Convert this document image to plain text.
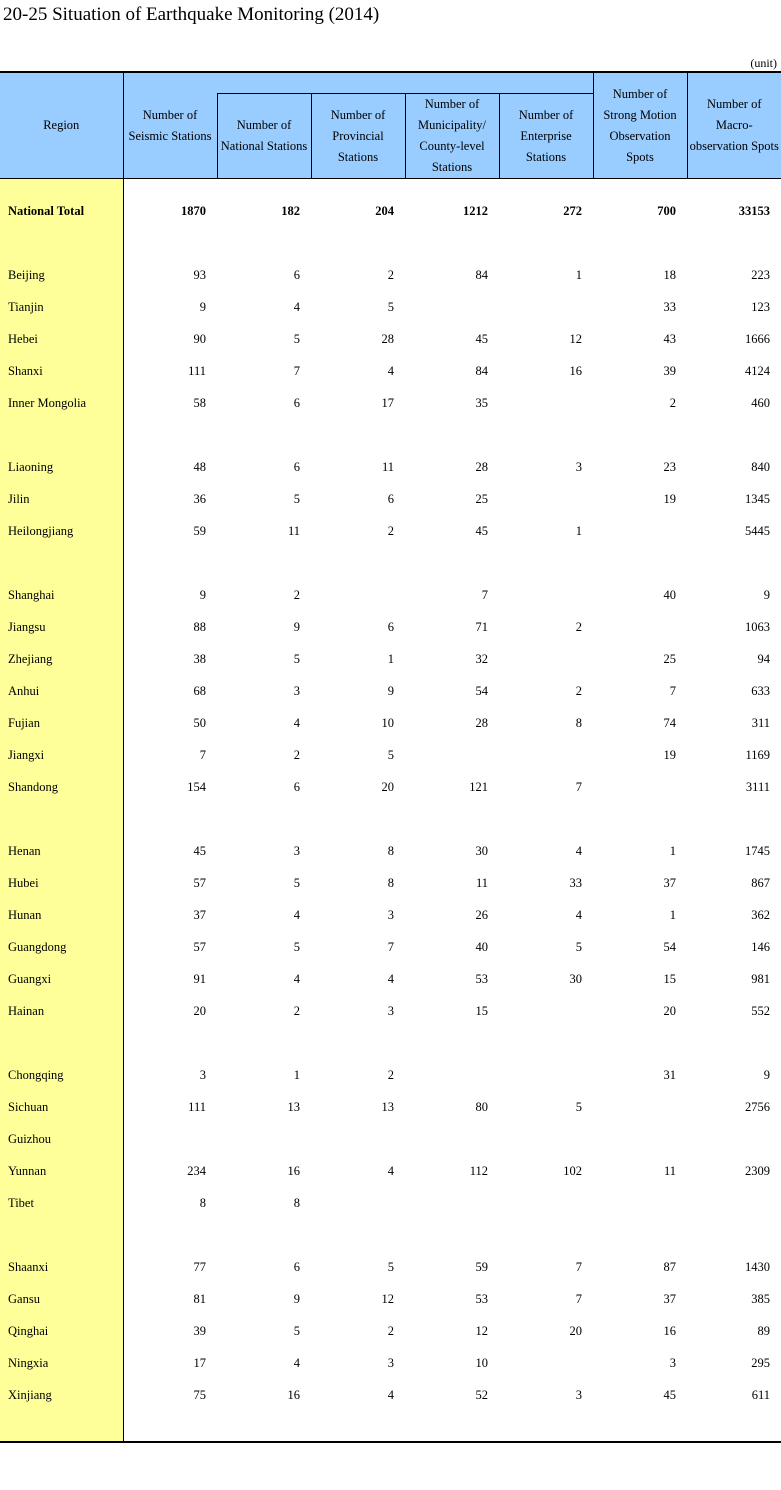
20-25 Situation of Earthquake Monitoring (2014)
(unit)
Region	Number of Seismic Stations					Number of Strong Motion Observation Spots	Number of Macro-observation Spots
		Number of National Stations	Number of Provincial Stations	Number of Municipality/ County-level Stations	Number of Enterprise Stations		

National Total	1870	182	204	1212	272	700	33153

Beijing	93	6	2	84	1	18	223
Tianjin	9	4	5			33	123
Hebei	90	5	28	45	12	43	1666
Shanxi	111	7	4	84	16	39	4124
Inner Mongolia	58	6	17	35		2	460

Liaoning	48	6	11	28	3	23	840
Jilin	36	5	6	25		19	1345
Heilongjiang	59	11	2	45	1		5445

Shanghai	9	2		7		40	9
Jiangsu	88	9	6	71	2		1063
Zhejiang	38	5	1	32		25	94
Anhui	68	3	9	54	2	7	633
Fujian	50	4	10	28	8	74	311
Jiangxi	7	2	5			19	1169
Shandong	154	6	20	121	7		3111

Henan	45	3	8	30	4	1	1745
Hubei	57	5	8	11	33	37	867
Hunan	37	4	3	26	4	1	362
Guangdong	57	5	7	40	5	54	146
Guangxi	91	4	4	53	30	15	981
Hainan	20	2	3	15		20	552

Chongqing	3	1	2			31	9
Sichuan	111	13	13	80	5		2756
Guizhou							
Yunnan	234	16	4	112	102	11	2309
Tibet	8	8					

Shaanxi	77	6	5	59	7	87	1430
Gansu	81	9	12	53	7	37	385
Qinghai	39	5	2	12	20	16	89
Ningxia	17	4	3	10		3	295
Xinjiang	75	16	4	52	3	45	611
